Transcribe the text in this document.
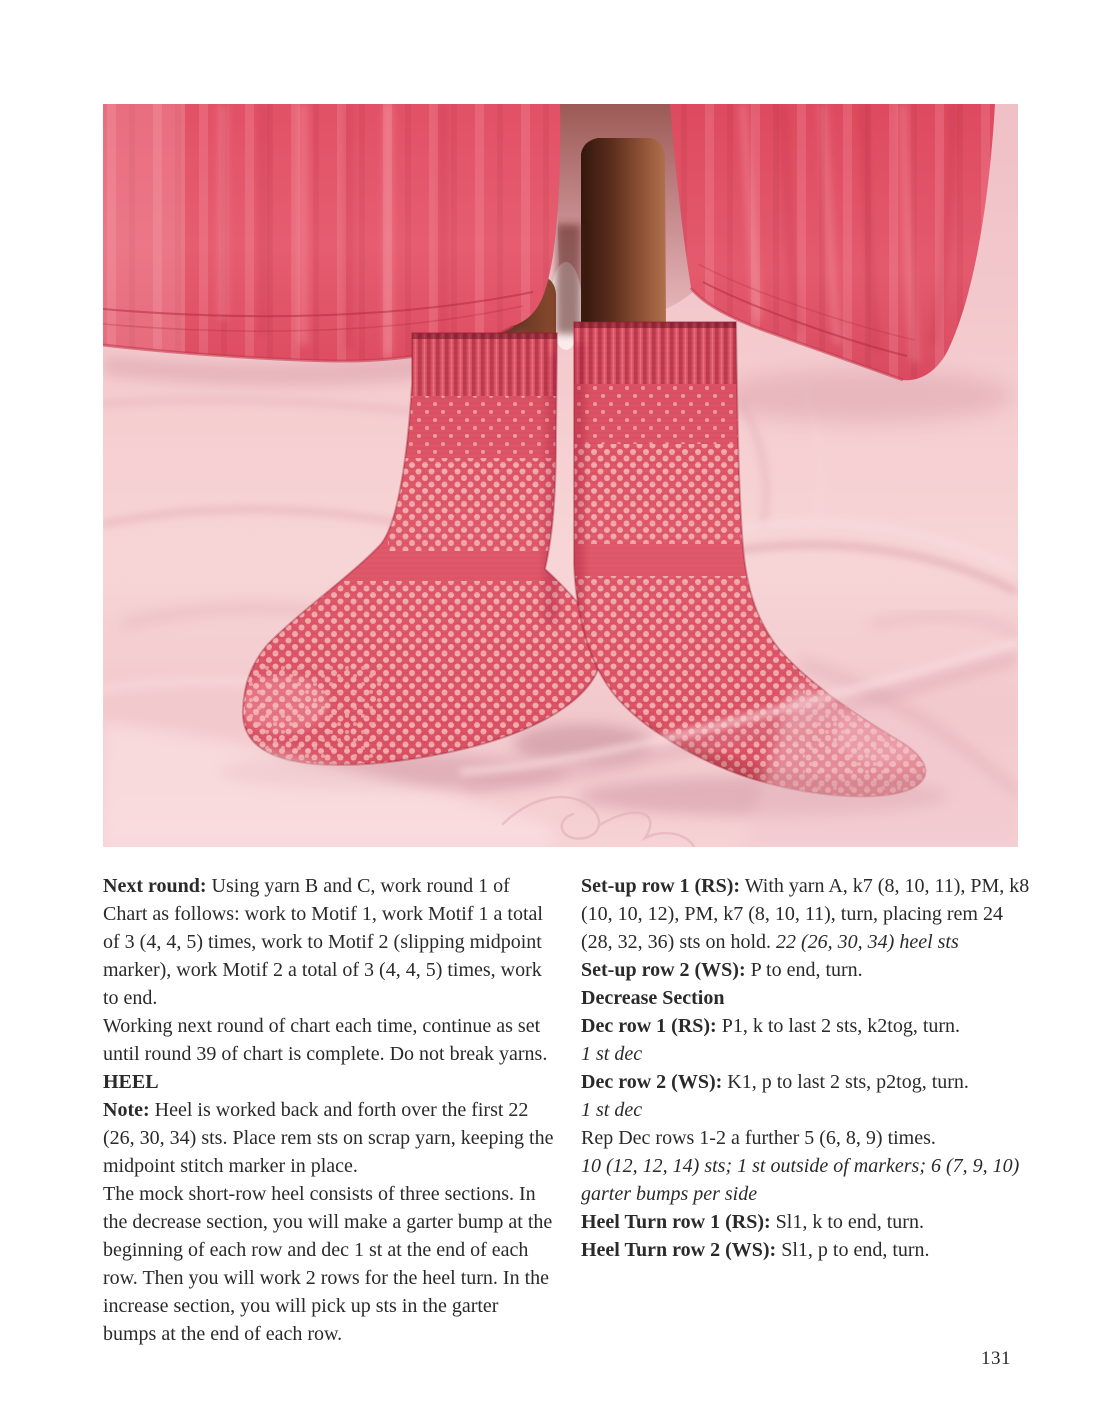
Next round: Using yarn B and C, work round 1 of Chart as follows: work to Motif 1, work Motif 1 a total of 3 (4, 4, 5) times, work to Motif 2 (slipping midpoint marker), work Motif 2 a total of 3 (4, 4, 5) times, work to end.

Working next round of chart each time, continue as set until round 39 of chart is complete. Do not break yarns.

HEEL

Note: Heel is worked back and forth over the first 22 (26, 30, 34) sts. Place rem sts on scrap yarn, keeping the midpoint stitch marker in place.

The mock short-row heel consists of three sections. In the decrease section, you will make a garter bump at the beginning of each row and dec 1 st at the end of each row. Then you will work 2 rows for the heel turn. In the increase section, you will pick up sts in the garter bumps at the end of each row.

Set-up row 1 (RS): With yarn A, k7 (8, 10, 11), PM, k8 (10, 10, 12), PM, k7 (8, 10, 11), turn, placing rem 24 (28, 32, 36) sts on hold. 22 (26, 30, 34) heel sts

Set-up row 2 (WS): P to end, turn.

Decrease Section

Dec row 1 (RS): P1, k to last 2 sts, k2tog, turn.

1 st dec

Dec row 2 (WS): K1, p to last 2 sts, p2tog, turn.

1 st dec

Rep Dec rows 1-2 a further 5 (6, 8, 9) times.

10 (12, 12, 14) sts; 1 st outside of markers; 6 (7, 9, 10) garter bumps per side

Heel Turn row 1 (RS): Sl1, k to end, turn.

Heel Turn row 2 (WS): Sl1, p to end, turn.

131
